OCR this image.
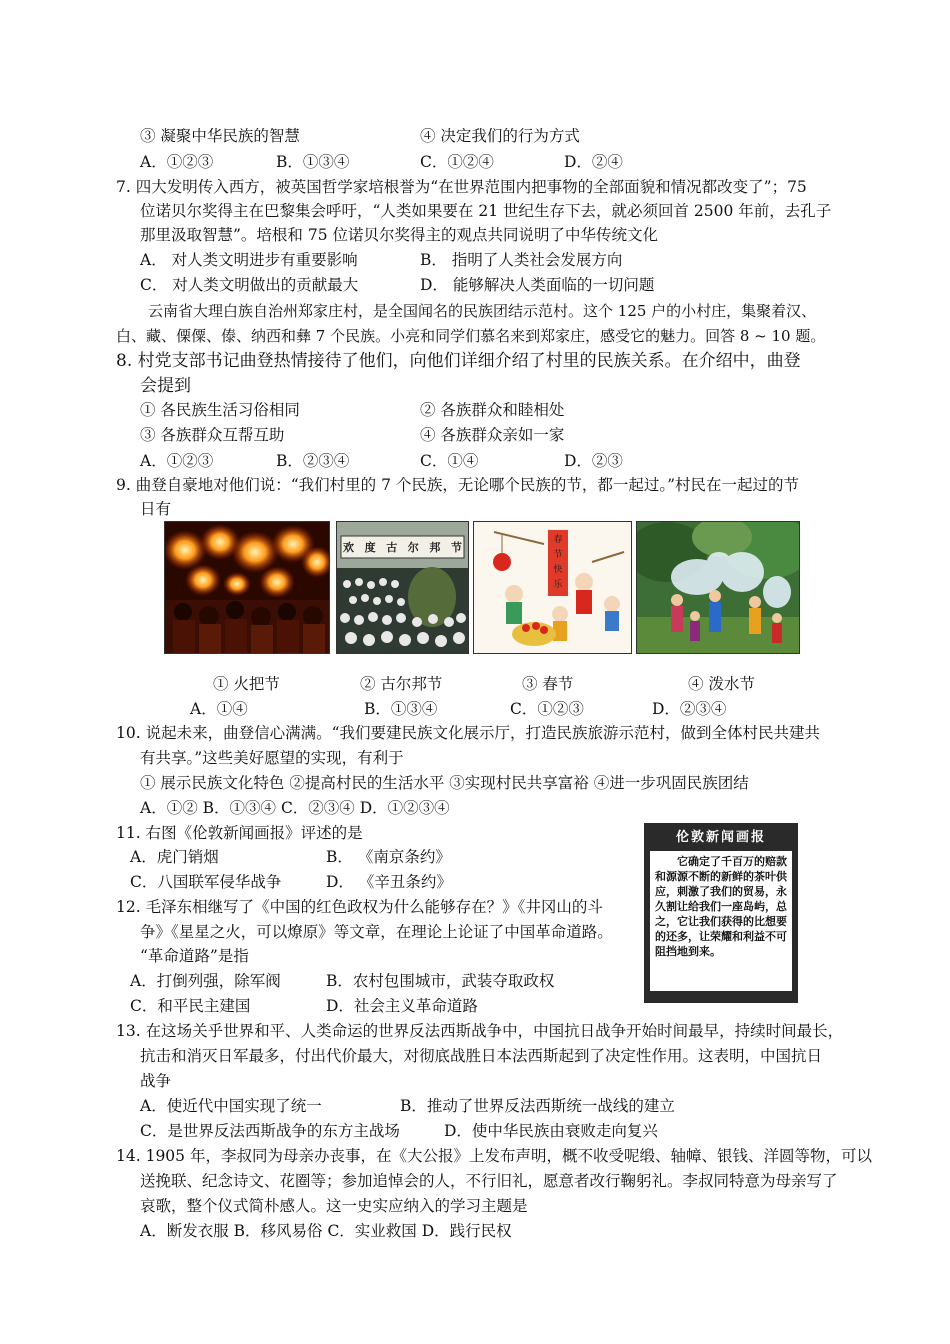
③ 凝聚中华民族的智慧	④ 决定我们的行为方式
A．①②③	B．①③④	C．①②④	D．②④
7. 四大发明传入西方，被英国哲学家培根誉为“在世界范围内把事物的全部面貌和情况都改变了”；75
位诺贝尔奖得主在巴黎集会呼吁，“人类如果要在 21 世纪生存下去，就必须回首 2500 年前，去孔子
那里汲取智慧”。培根和 75 位诺贝尔奖得主的观点共同说明了中华传统文化
A． 对人类文明进步有重要影响	B． 指明了人类社会发展方向
C． 对人类文明做出的贡献最大	D． 能够解决人类面临的一切问题
云南省大理白族自治州郑家庄村，是全国闻名的民族团结示范村。这个 125 户的小村庄，集聚着汉、
白、藏、傈僳、傣、纳西和彝 7 个民族。小亮和同学们慕名来到郑家庄，感受它的魅力。回答 8 ~ 10 题。
8. 村党支部书记曲登热情接待了他们，向他们详细介绍了村里的民族关系。在介绍中，曲登
会提到
① 各民族生活习俗相同	② 各族群众和睦相处
③ 各族群众互帮互助	④ 各族群众亲如一家
A．①②③	B．②③④	C．①④	D．②③
9. 曲登自豪地对他们说：“我们村里的 7 个民族，无论哪个民族的节，都一起过。”村民在一起过的节
日有
欢 度 古 尔 邦 节
春节快乐
① 火把节	② 古尔邦节	③ 春节	④ 泼水节
A．①④	B．①③④	C．①②③	D．②③④
10. 说起未来，曲登信心满满。“我们要建民族文化展示厅，打造民族旅游示范村，做到全体村民共建共
有共享。”这些美好愿望的实现，有利于
① 展示民族文化特色 ②提高村民的生活水平 ③实现村民共享富裕 ④进一步巩固民族团结
A．①② B．①③④ C．②③④ D．①②③④
11. 右图《伦敦新闻画报》评述的是
A．虎门销烟	B． 《南京条约》
C．八国联军侵华战争	D． 《辛丑条约》
伦敦新闻画报
它确定了千百万的赔款和源源不断的新鲜的茶叶供应，刺激了我们的贸易，永久割让给我们一座岛屿，总之，它让我们获得的比想要的还多，让荣耀和利益不可阻挡地到来。
12. 毛泽东相继写了《中国的红色政权为什么能够存在？》《井冈山的斗
争》《星星之火，可以燎原》等文章，在理论上论证了中国革命道路。
“革命道路”是指
A．打倒列强，除军阀	B．农村包围城市，武装夺取政权
C．和平民主建国	D．社会主义革命道路
13. 在这场关乎世界和平、人类命运的世界反法西斯战争中，中国抗日战争开始时间最早，持续时间最长，
抗击和消灭日军最多，付出代价最大，对彻底战胜日本法西斯起到了决定性作用。这表明，中国抗日
战争
A．使近代中国实现了统一	B．推动了世界反法西斯统一战线的建立
C．是世界反法西斯战争的东方主战场	D．使中华民族由衰败走向复兴
14. 1905 年，李叔同为母亲办丧事，在《大公报》上发布声明，概不收受呢缎、轴幛、银钱、洋圆等物，可以
送挽联、纪念诗文、花圈等；参加追悼会的人，不行旧礼，愿意者改行鞠躬礼。李叔同特意为母亲写了
哀歌，整个仪式简朴感人。这一史实应纳入的学习主题是
A．断发衣服 B．移风易俗 C．实业救国 D．践行民权
